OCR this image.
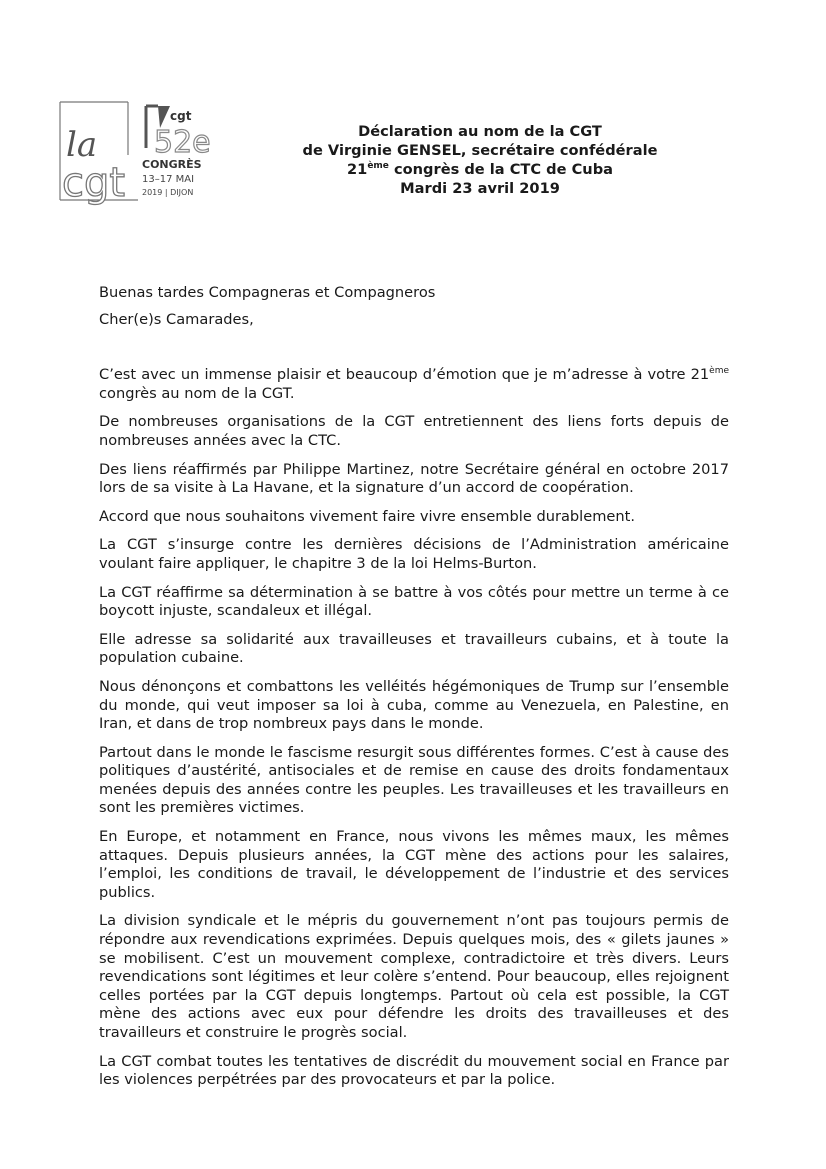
la
cgt
cgt
52e
CONGRÈS
13–17 MAI
2019 | DIJON
Déclaration au nom de la CGT
de Virginie GENSEL, secrétaire confédérale
21ème congrès de la CTC de Cuba
Mardi 23 avril 2019

Buenas tardes Compagneras et Compagneros

Cher(e)s Camarades,

C’est avec un immense plaisir et beaucoup d’émotion que je m’adresse à votre 21ème congrès au nom de la CGT.

De nombreuses organisations de la CGT entretiennent des liens forts depuis de nombreuses années avec la CTC.

Des liens réaffirmés par Philippe Martinez, notre Secrétaire général en octobre 2017 lors de sa visite à La Havane, et la signature d’un accord de coopération.

Accord que nous souhaitons vivement faire vivre ensemble durablement.

La CGT s’insurge contre les dernières décisions de l’Administration américaine voulant faire appliquer, le chapitre 3 de la loi Helms-Burton.

La CGT réaffirme sa détermination à se battre à vos côtés pour mettre un terme à ce boycott injuste, scandaleux et illégal.

Elle adresse sa solidarité aux travailleuses et travailleurs cubains, et à toute la population cubaine.

Nous dénonçons et combattons les velléités hégémoniques de Trump sur l’ensemble du monde, qui veut imposer sa loi à cuba, comme au Venezuela, en Palestine, en Iran, et dans de trop nombreux pays dans le monde.

Partout dans le monde le fascisme resurgit sous différentes formes. C’est à cause des politiques d’austérité, antisociales et de remise en cause des droits fondamentaux menées depuis des années contre les peuples. Les travailleuses et les travailleurs en sont les premières victimes.

En Europe, et notamment en France, nous vivons les mêmes maux, les mêmes attaques. Depuis plusieurs années, la CGT mène des actions pour les salaires, l’emploi, les conditions de travail, le développement de l’industrie et des services publics.

La division syndicale et le mépris du gouvernement n’ont pas toujours permis de répondre aux revendications exprimées. Depuis quelques mois, des « gilets jaunes » se mobilisent. C’est un mouvement complexe, contradictoire et très divers. Leurs revendications sont légitimes et leur colère s’entend. Pour beaucoup, elles rejoignent celles portées par la CGT depuis longtemps. Partout où cela est possible, la CGT mène des actions avec eux pour défendre les droits des travailleuses et des travailleurs et construire le progrès social.

La CGT combat toutes les tentatives de discrédit du mouvement social en France par les violences perpétrées par des provocateurs et par la police.
